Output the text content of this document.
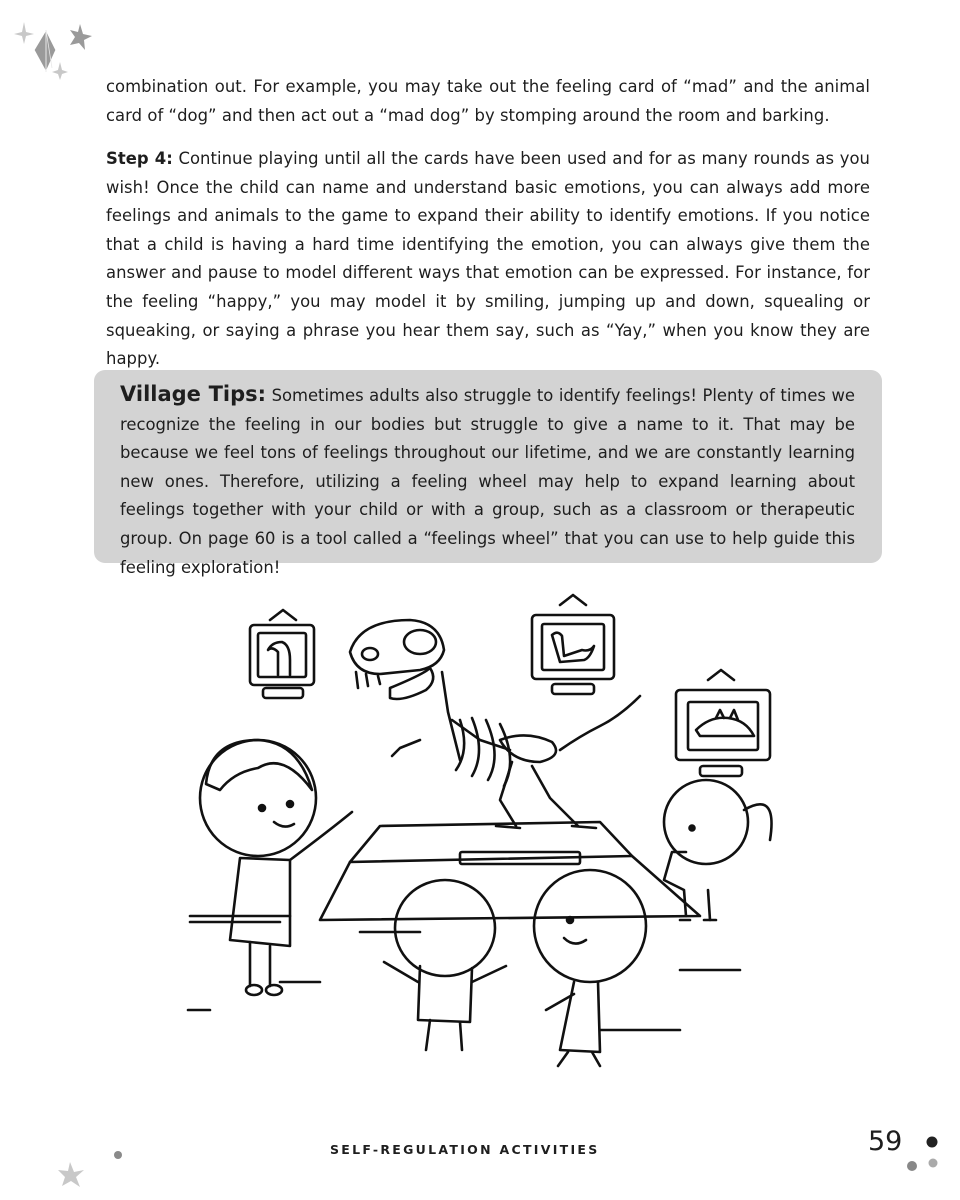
combination out. For example, you may take out the feeling card of “mad” and the animal card of “dog” and then act out a “mad dog” by stomping around the room and barking.

Step 4: Continue playing until all the cards have been used and for as many rounds as you wish! Once the child can name and understand basic emotions, you can always add more feelings and animals to the game to expand their ability to identify emotions. If you notice that a child is having a hard time identifying the emotion, you can always give them the answer and pause to model different ways that emotion can be expressed. For instance, for the feeling “happy,” you may model it by smiling, jumping up and down, squealing or squeaking, or saying a phrase you hear them say, such as “Yay,” when you know they are happy.

Village Tips: Sometimes adults also struggle to identify feelings! Plenty of times we recognize the feeling in our bodies but struggle to give a name to it. That may be because we feel tons of feelings throughout our lifetime, and we are constantly learning new ones. Therefore, utilizing a feeling wheel may help to expand learning about feelings together with your child or with a group, such as a classroom or therapeutic group. On page 60 is a tool called a “feelings wheel” that you can use to help guide this feeling exploration!
SELF-REGULATION ACTIVITIES	59
